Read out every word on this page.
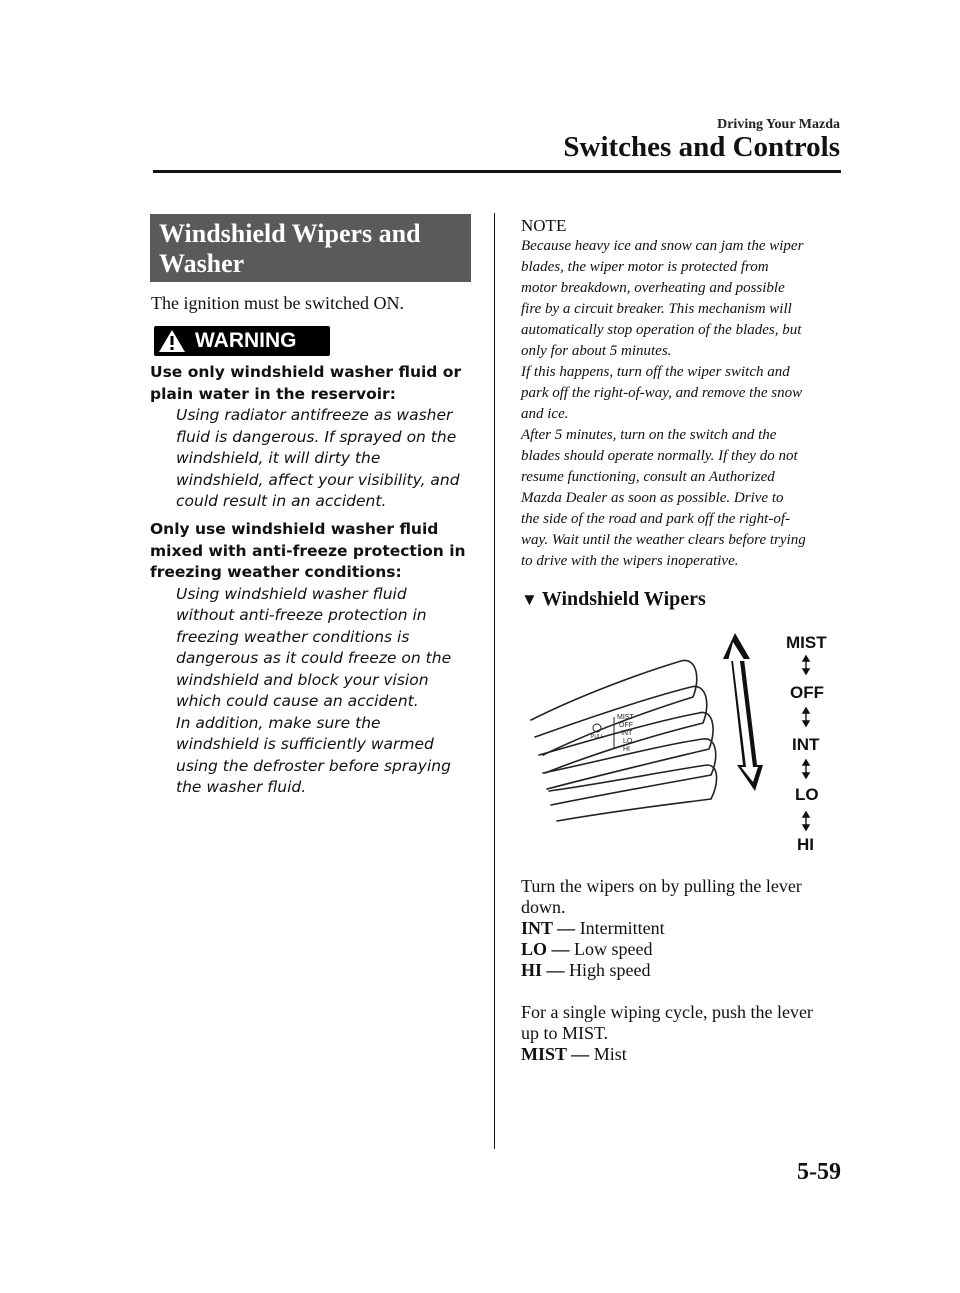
Driving Your Mazda
Switches and Controls
Windshield Wipers and
Washer
The ignition must be switched ON.
WARNING
Use only windshield washer fluid or
plain water in the reservoir:
Using radiator antifreeze as washer
fluid is dangerous. If sprayed on the
windshield, it will dirty the
windshield, affect your visibility, and
could result in an accident.
Only use windshield washer fluid
mixed with anti-freeze protection in
freezing weather conditions:
Using windshield washer fluid
without anti-freeze protection in
freezing weather conditions is
dangerous as it could freeze on the
windshield and block your vision
which could cause an accident.
In addition, make sure the
windshield is sufficiently warmed
using the defroster before spraying
the washer fluid.
NOTE

Because heavy ice and snow can jam the wiper

blades, the wiper motor is protected from

motor breakdown, overheating and possible

fire by a circuit breaker. This mechanism will

automatically stop operation of the blades, but

only for about 5 minutes.

If this happens, turn off the wiper switch and

park off the right-of-way, and remove the snow

and ice.

After 5 minutes, turn on the switch and the

blades should operate normally. If they do not

resume functioning, consult an Authorized

Mazda Dealer as soon as possible. Drive to

the side of the road and park off the right-of-

way. Wait until the weather clears before trying

to drive with the wipers inoperative.

▼ Windshield Wipers
MIST
OFF
INT
LO
HI
PULL
MIST
OFF
INT
LO
HI
Turn the wipers on by pulling the lever
down.
INT — Intermittent
LO — Low speed
HI — High speed
For a single wiping cycle, push the lever
up to MIST.
MIST — Mist
5-59
